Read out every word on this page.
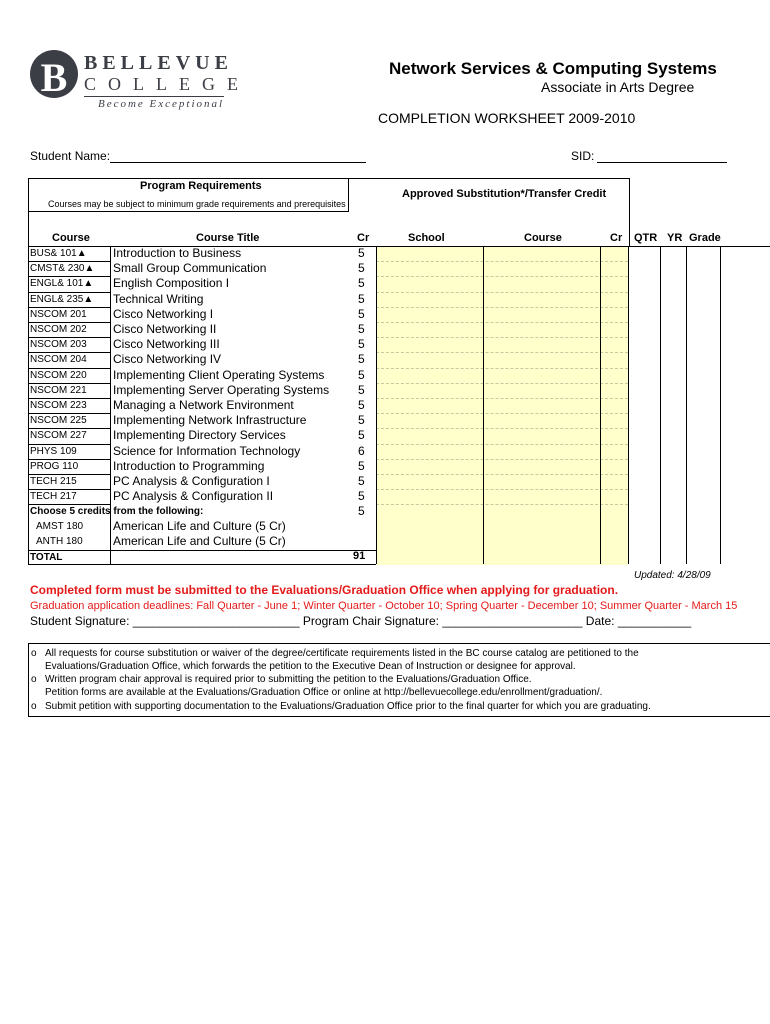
B BELLEVUE
COLLEGE
Become Exceptional
Network Services & Computing Systems
Associate in Arts Degree
COMPLETION WORKSHEET 2009-2010
Student Name:	SID:
Program Requirements
Courses may be subject to minimum grade requirements and prerequisites
Approved Substitution*/Transfer Credit
Course	Course Title	Cr	School	Course	Cr QTR YR Grade
BUS& 101▲ Introduction to Business	5
CMST& 230▲ Small Group Communication	5
ENGL& 101▲ English Composition I	5
ENGL& 235▲ Technical Writing	5
NSCOM 201 Cisco Networking I	5
NSCOM 202 Cisco Networking II	5
NSCOM 203 Cisco Networking III	5
NSCOM 204 Cisco Networking IV	5
NSCOM 220 Implementing Client Operating Systems	5
NSCOM 221 Implementing Server Operating Systems 5
NSCOM 223 Managing a Network Environment	5
NSCOM 225 Implementing Network Infrastructure	5
NSCOM 227 Implementing Directory Services	5
PHYS 109	Science for Information Technology	6
PROG 110	Introduction to Programming	5
TECH 215	PC Analysis & Configuration I	5
TECH 217	PC Analysis & Configuration II	5
Choose 5 credits from the following:	5
AMST 180 American Life and Culture (5 Cr)
ANTH 180	American Life and Culture (5 Cr)
TOTAL	91
Updated: 4/28/09
Completed form must be submitted to the Evaluations/Graduation Office when applying for graduation.
Graduation application deadlines: Fall Quarter - June 1; Winter Quarter - October 10; Spring Quarter - December 10; Summer Quarter - March 15
Student Signature: _________________________ Program Chair Signature: _____________________ Date: ___________
o All requests for course substitution or waiver of the degree/certificate requirements listed in the BC course catalog are petitioned to the
Evaluations/Graduation Office, which forwards the petition to the Executive Dean of Instruction or designee for approval.
o Written program chair approval is required prior to submitting the petition to the Evaluations/Graduation Office.
Petition forms are available at the Evaluations/Graduation Office or online at http://bellevuecollege.edu/enrollment/graduation/.
o Submit petition with supporting documentation to the Evaluations/Graduation Office prior to the final quarter for which you are graduating.
